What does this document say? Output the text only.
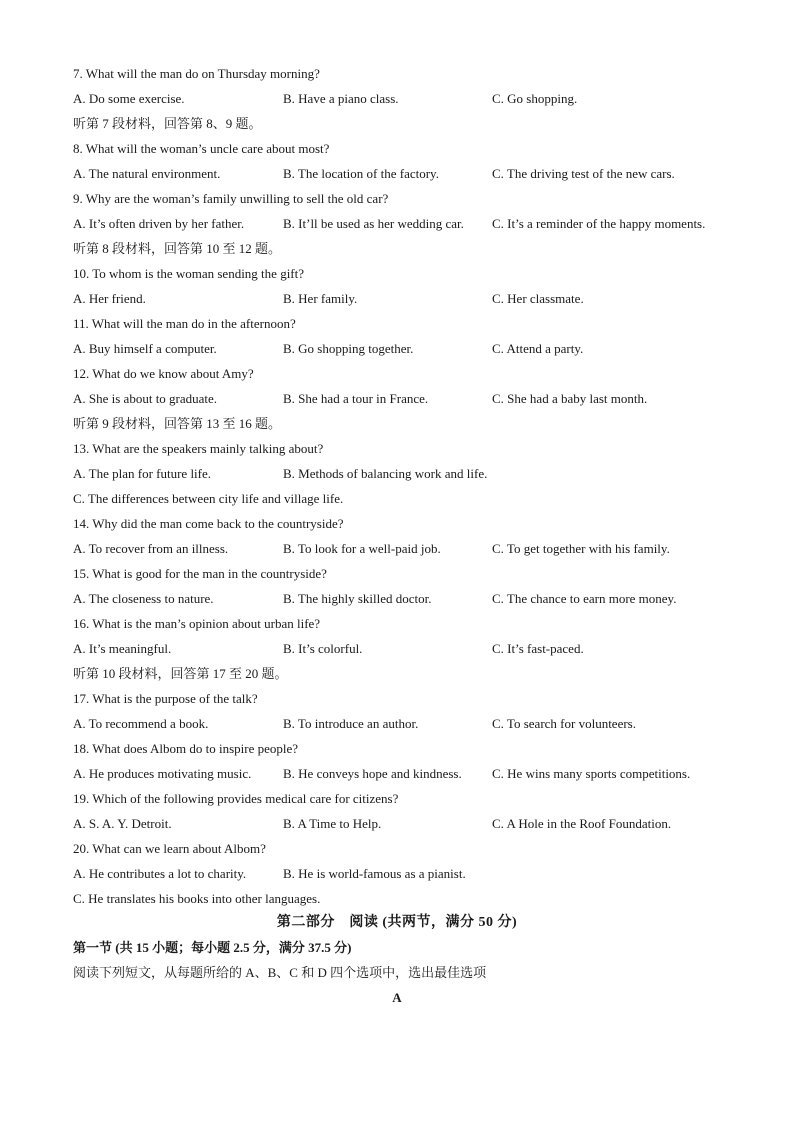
7. What will the man do on Thursday morning?
A. Do some exercise.	B. Have a piano class.	C. Go shopping.
听第 7 段材料，回答第 8、9 题。
8. What will the woman’s uncle care about most?
A. The natural environment.	B. The location of the factory.	C. The driving test of the new cars.
9. Why are the woman’s family unwilling to sell the old car?
A. It’s often driven by her father.	B. It’ll be used as her wedding car. C. It’s a reminder of the happy moments.
听第 8 段材料，回答第 10 至 12 题。
10. To whom is the woman sending the gift?
A. Her friend.	B. Her family.	C. Her classmate.
11. What will the man do in the afternoon?
A. Buy himself a computer.	B. Go shopping together.	C. Attend a party.
12. What do we know about Amy?
A. She is about to graduate.	B. She had a tour in France.	C. She had a baby last month.
听第 9 段材料，回答第 13 至 16 题。
13. What are the speakers mainly talking about?
A. The plan for future life.	B. Methods of balancing work and life.
C. The differences between city life and village life.
14. Why did the man come back to the countryside?
A. To recover from an illness.	B. To look for a well-paid job.	C. To get together with his family.
15. What is good for the man in the countryside?
A. The closeness to nature.	B. The highly skilled doctor.	C. The chance to earn more money.
16. What is the man’s opinion about urban life?
A. It’s meaningful.	B. It’s colorful.	C. It’s fast-paced.
听第 10 段材料，回答第 17 至 20 题。
17. What is the purpose of the talk?
A. To recommend a book.	B. To introduce an author.	C. To search for volunteers.
18. What does Albom do to inspire people?
A. He produces motivating music. B. He conveys hope and kindness. C. He wins many sports competitions.
19. Which of the following provides medical care for citizens?
A. S. A. Y. Detroit.	B. A Time to Help.	C. A Hole in the Roof Foundation.
20. What can we learn about Albom?
A. He contributes a lot to charity.	B. He is world-famous as a pianist.
C. He translates his books into other languages.
第二部分　阅读 (共两节，满分 50 分)
第一节 (共 15 小题；每小题 2.5 分，满分 37.5 分)
阅读下列短文，从每题所给的 A、B、C 和 D 四个选项中，选出最佳选项
A
